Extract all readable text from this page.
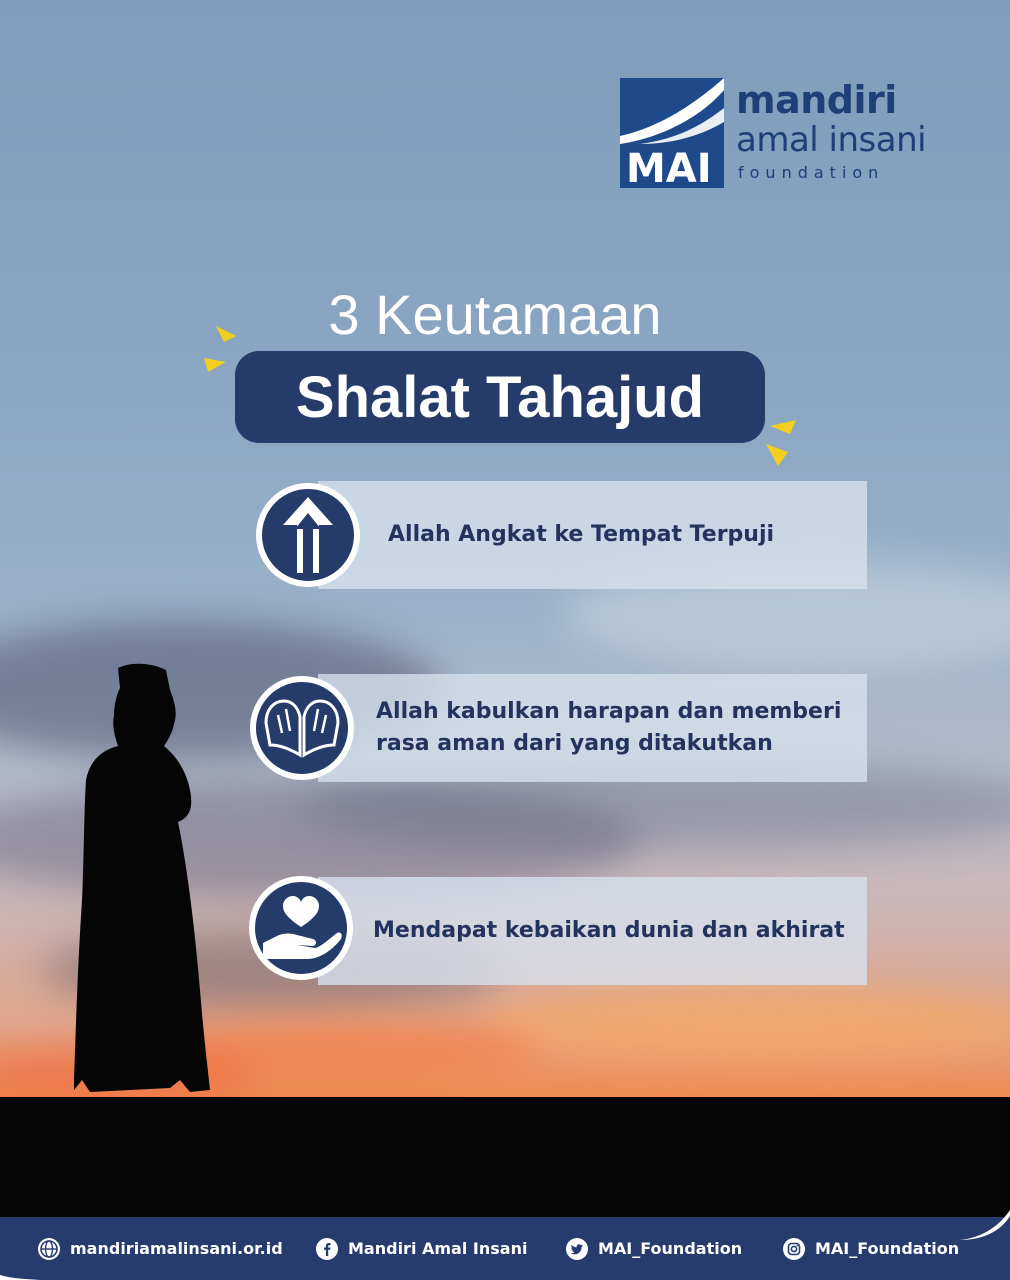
MAI
mandiri
amal insani
foundation
3 Keutamaan
Shalat Tahajud
Allah Angkat ke Tempat Terpuji
Allah kabulkan harapan dan memberi rasa aman dari yang ditakutkan
Mendapat kebaikan dunia dan akhirat
mandiriamalinsani.or.id	Mandiri Amal Insani	MAI_Foundation	MAI_Foundation
